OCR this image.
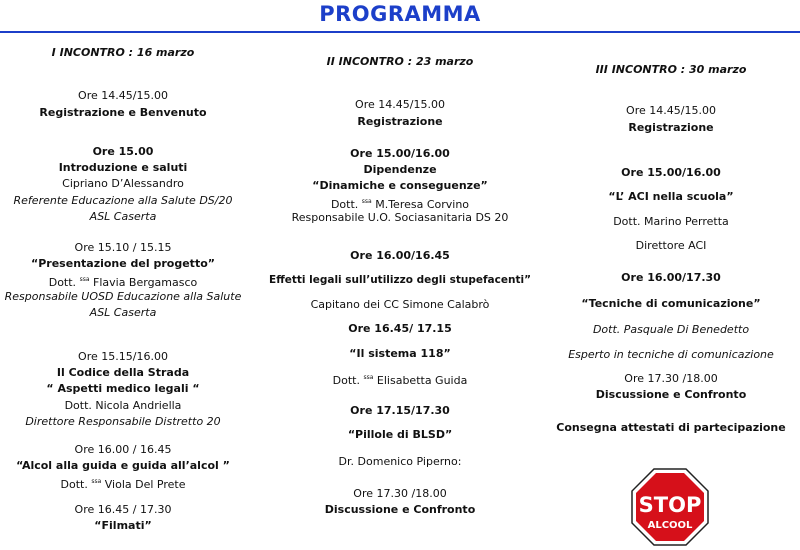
PROGRAMMA
I INCONTRO : 16 marzo
Ore 14.45/15.00
Registrazione e Benvenuto
Ore 15.00
Introduzione e saluti
Cipriano D’Alessandro
Referente Educazione alla Salute DS/20
ASL Caserta
Ore 15.10 / 15.15
“Presentazione del progetto”
Dott. $^{ssa}$ Flavia Bergamasco
Responsabile UOSD Educazione alla Salute
ASL Caserta
Ore 15.15/16.00
Il Codice della Strada
“ Aspetti medico legali “
Dott. Nicola Andriella
Direttore Responsabile Distretto 20
Ore 16.00 / 16.45
“Alcol alla guida e guida all’alcol ”
Dott. $^{ssa}$ Viola Del Prete
Ore 16.45 / 17.30
“Filmati”
II INCONTRO : 23 marzo
Ore 14.45/15.00
Registrazione
Ore 15.00/16.00
Dipendenze
“Dinamiche e conseguenze”
Dott. $^{ssa}$ M.Teresa Corvino
Responsabile U.O. Sociasanitaria DS 20
Ore 16.00/16.45
Effetti legali sull’utilizzo degli stupefacenti”
Capitano dei CC Simone Calabrò
Ore 16.45/ 17.15
“Il sistema 118”
Dott. $^{ssa}$ Elisabetta Guida
Ore 17.15/17.30
“Pillole di BLSD”
Dr. Domenico Piperno:
Ore 17.30 /18.00
Discussione e Confronto
III INCONTRO : 30 marzo
Ore 14.45/15.00
Registrazione
Ore 15.00/16.00
“L’ ACI nella scuola”
Dott. Marino Perretta
Direttore ACI
Ore 16.00/17.30
“Tecniche di comunicazione”
Dott. Pasquale Di Benedetto
Esperto in tecniche di comunicazione
Ore 17.30 /18.00
Discussione e Confronto
Consegna attestati di partecipazione
STOP
ALCOOL
